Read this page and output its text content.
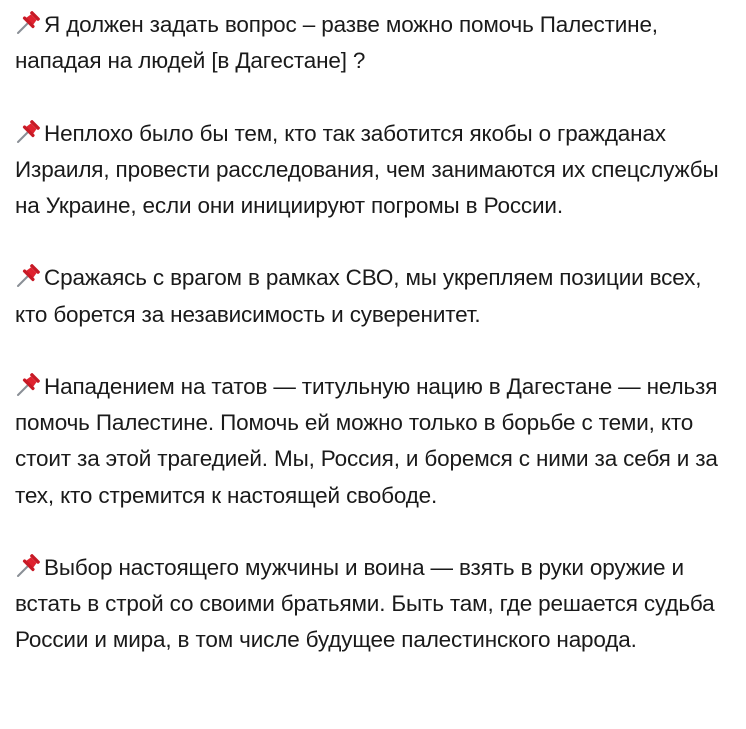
Я должен задать вопрос – разве можно помочь Палестине, нападая на людей [в Дагестане] ?

Неплохо было бы тем, кто так заботится якобы о гражданах Израиля, провести расследования, чем занимаются их спецслужбы на Украине, если они инициируют погромы в России.

Сражаясь с врагом в рамках СВО, мы укрепляем позиции всех, кто борется за независимость и суверенитет.

Нападением на татов — титульную нацию в Дагестане — нельзя помочь Палестине. Помочь ей можно только в борьбе с теми, кто стоит за этой трагедией. Мы, Россия, и боремся с ними за себя и за тех, кто стремится к настоящей свободе.

Выбор настоящего мужчины и воина — взять в руки оружие и встать в строй со своими братьями. Быть там, где решается судьба России и мира, в том числе будущее палестинского народа.
